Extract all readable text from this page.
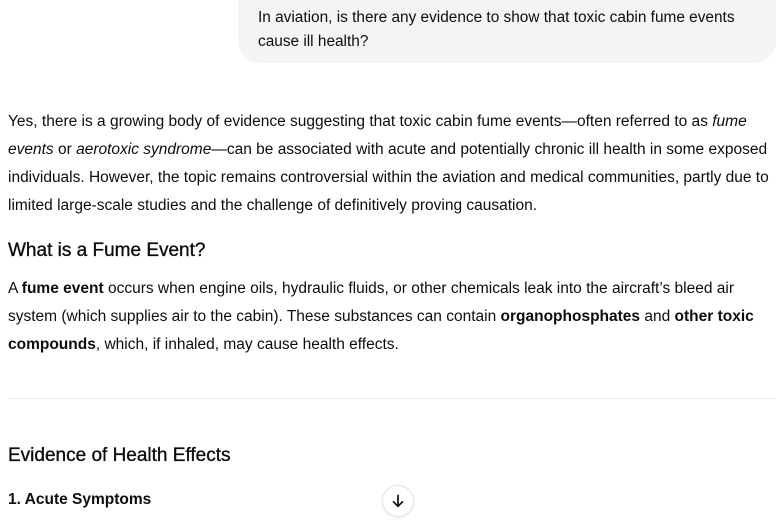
In aviation, is there any evidence to show that toxic cabin fume events cause ill health?

Yes, there is a growing body of evidence suggesting that toxic cabin fume events—often referred to as fume events or aerotoxic syndrome—can be associated with acute and potentially chronic ill health in some exposed individuals. However, the topic remains controversial within the aviation and medical communities, partly due to limited large-scale studies and the challenge of definitively proving causation.

What is a Fume Event?

A fume event occurs when engine oils, hydraulic fluids, or other chemicals leak into the aircraft’s bleed air system (which supplies air to the cabin). These substances can contain organophosphates and other toxic compounds, which, if inhaled, may cause health effects.

Evidence of Health Effects
1. Acute Symptoms
